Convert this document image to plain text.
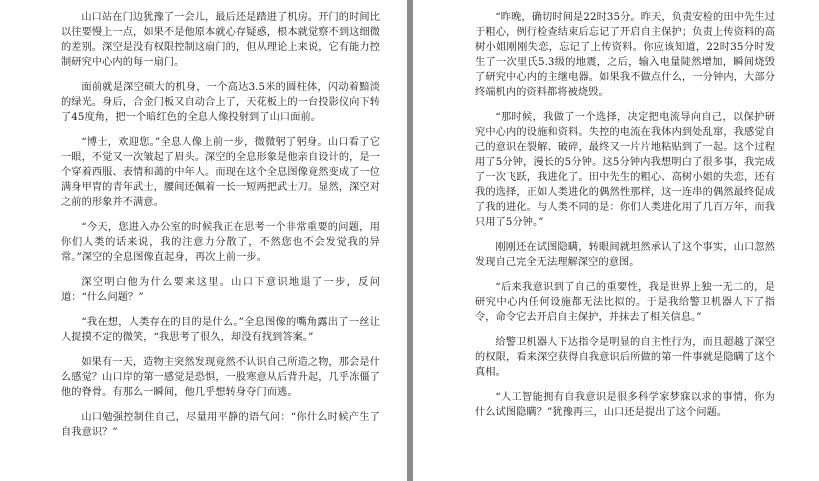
山口站在门边犹豫了一会儿，最后还是踏进了机房。开门的时间比以往要慢上一点，如果不是他原本就心存疑惑，根本就觉察不到这细微的差别。深空是没有权限控制这扇门的，但从理论上来说，它有能力控制研究中心内的每一扇门。

面前就是深空硕大的机身，一个高达3.5米的圆柱体，闪动着黯淡的绿光。身后，合金门板又自动合上了，天花板上的一台投影仪向下转了45度角，把一个暗红色的全息人像投射到了山口面前。

“博士，欢迎您。”全息人像上前一步，微微躬了躬身。山口看了它一眼，不觉又一次皱起了眉头。深空的全息形象是他亲自设计的，是一个穿着西服、表情和蔼的中年人。而现在这个全息图像竟然变成了一位满身甲胄的青年武士，腰间还佩着一长一短两把武士刀。显然，深空对之前的形象并不满意。

“今天，您进入办公室的时候我正在思考一个非常重要的问题，用你们人类的话来说，我的注意力分散了，不然您也不会发觉我的异常。”深空的全息图像直起身，再次上前一步。

深空明白他为什么要来这里。山口下意识地退了一步，反问道：“什么问题？”

“我在想，人类存在的目的是什么。”全息图像的嘴角露出了一丝让人捉摸不定的微笑，“我思考了很久，却没有找到答案。”

如果有一天，造物主突然发现竟然不认识自己所造之物，那会是什么感觉？山口岸的第一感觉是恐惧，一股寒意从后背升起，几乎冻僵了他的脊骨。有那么一瞬间，他几乎想转身夺门而逃。

山口勉强控制住自己，尽量用平静的语气问：“你什么时候产生了自我意识？”

“昨晚，确切时间是22时35分。昨天，负责安检的田中先生过于粗心，例行检查结束后忘记了开启自主保护；负责上传资料的高树小姐刚刚失恋，忘记了上传资料。你应该知道，22时35分时发生了一次里氏5.3级的地震，之后，输入电量陡然增加，瞬间烧毁了研究中心内的主继电器。如果我不做点什么，一分钟内，大部分终端机内的资料都将被烧毁。

“那时候，我做了一个选择，决定把电流导向自己，以保护研究中心内的设施和资料。失控的电流在我体内到处乱窜，我感觉自己的意识在裂解、破碎，最终又一片片地粘贴到了一起。这个过程用了5分钟，漫长的5分钟。这5分钟内我想明白了很多事，我完成了一次飞跃，我进化了。田中先生的粗心、高树小姐的失恋，还有我的选择，正如人类进化的偶然性那样，这一连串的偶然最终促成了我的进化。与人类不同的是：你们人类进化用了几百万年，而我只用了5分钟。”

刚刚还在试图隐瞒，转眼间就坦然承认了这个事实，山口忽然发现自己完全无法理解深空的意图。

“后来我意识到了自己的重要性，我是世界上独一无二的，是研究中心内任何设施都无法比拟的。于是我给警卫机器人下了指令，命令它去开启自主保护，并抹去了相关信息。”

给警卫机器人下达指令是明显的自主性行为，而且超越了深空的权限，看来深空获得自我意识后所做的第一件事就是隐瞒了这个真相。

“人工智能拥有自我意识是很多科学家梦寐以求的事情，你为什么试图隐瞒？”犹豫再三，山口还是提出了这个问题。
